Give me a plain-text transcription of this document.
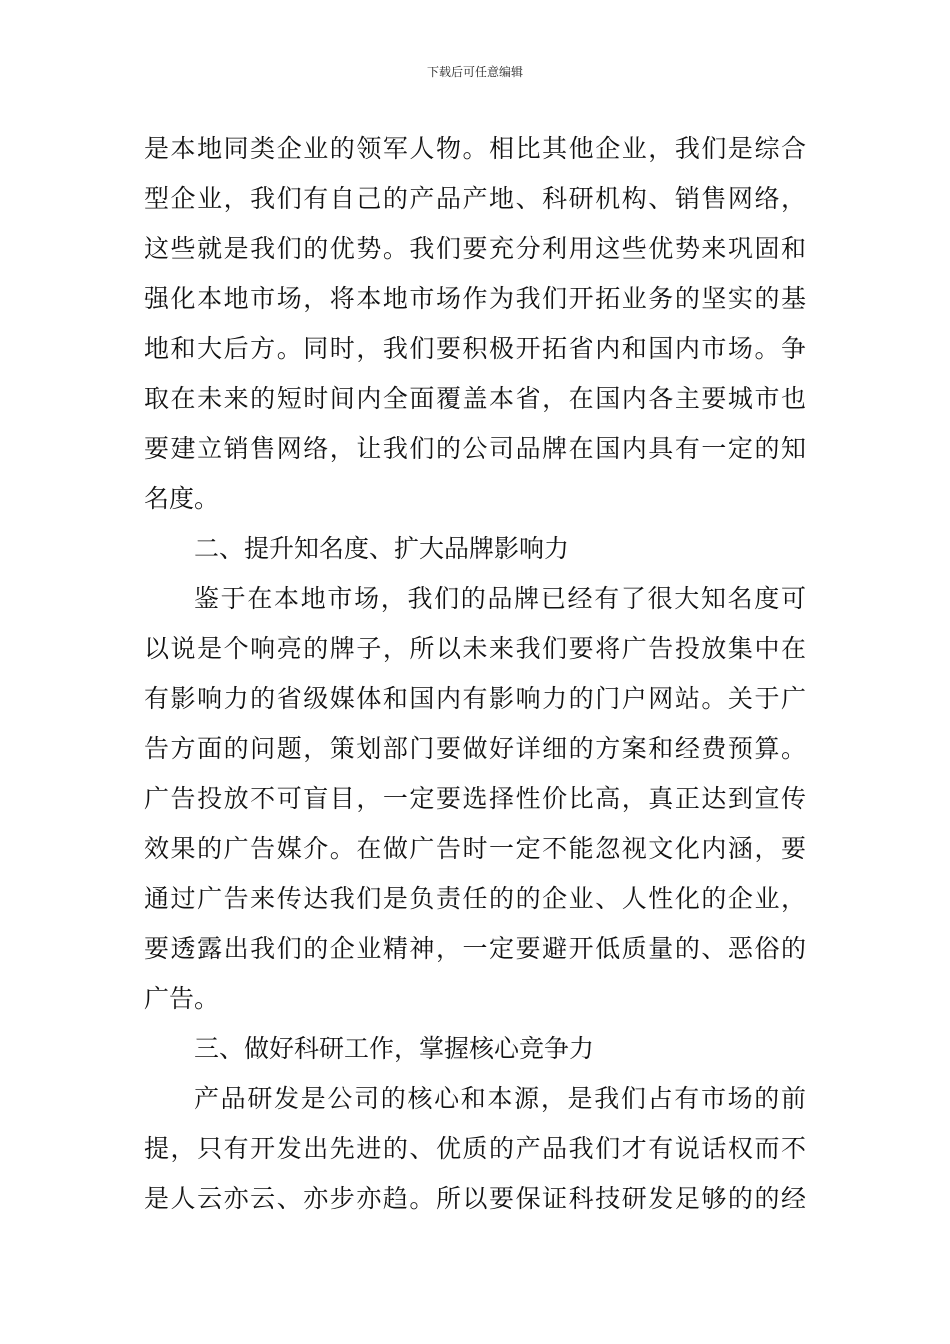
下载后可任意编辑
是本地同类企业的领军人物。相比其他企业，我们是综合
型企业，我们有自己的产品产地、科研机构、销售网络，
这些就是我们的优势。我们要充分利用这些优势来巩固和
强化本地市场，将本地市场作为我们开拓业务的坚实的基
地和大后方。同时，我们要积极开拓省内和国内市场。争
取在未来的短时间内全面覆盖本省，在国内各主要城市也
要建立销售网络，让我们的公司品牌在国内具有一定的知
名度。
二、提升知名度、扩大品牌影响力
鉴于在本地市场，我们的品牌已经有了很大知名度可
以说是个响亮的牌子，所以未来我们要将广告投放集中在
有影响力的省级媒体和国内有影响力的门户网站。关于广
告方面的问题，策划部门要做好详细的方案和经费预算。
广告投放不可盲目，一定要选择性价比高，真正达到宣传
效果的广告媒介。在做广告时一定不能忽视文化内涵，要
通过广告来传达我们是负责任的的企业、人性化的企业，
要透露出我们的企业精神，一定要避开低质量的、恶俗的
广告。
三、做好科研工作，掌握核心竞争力
产品研发是公司的核心和本源，是我们占有市场的前
提，只有开发出先进的、优质的产品我们才有说话权而不
是人云亦云、亦步亦趋。所以要保证科技研发足够的的经
